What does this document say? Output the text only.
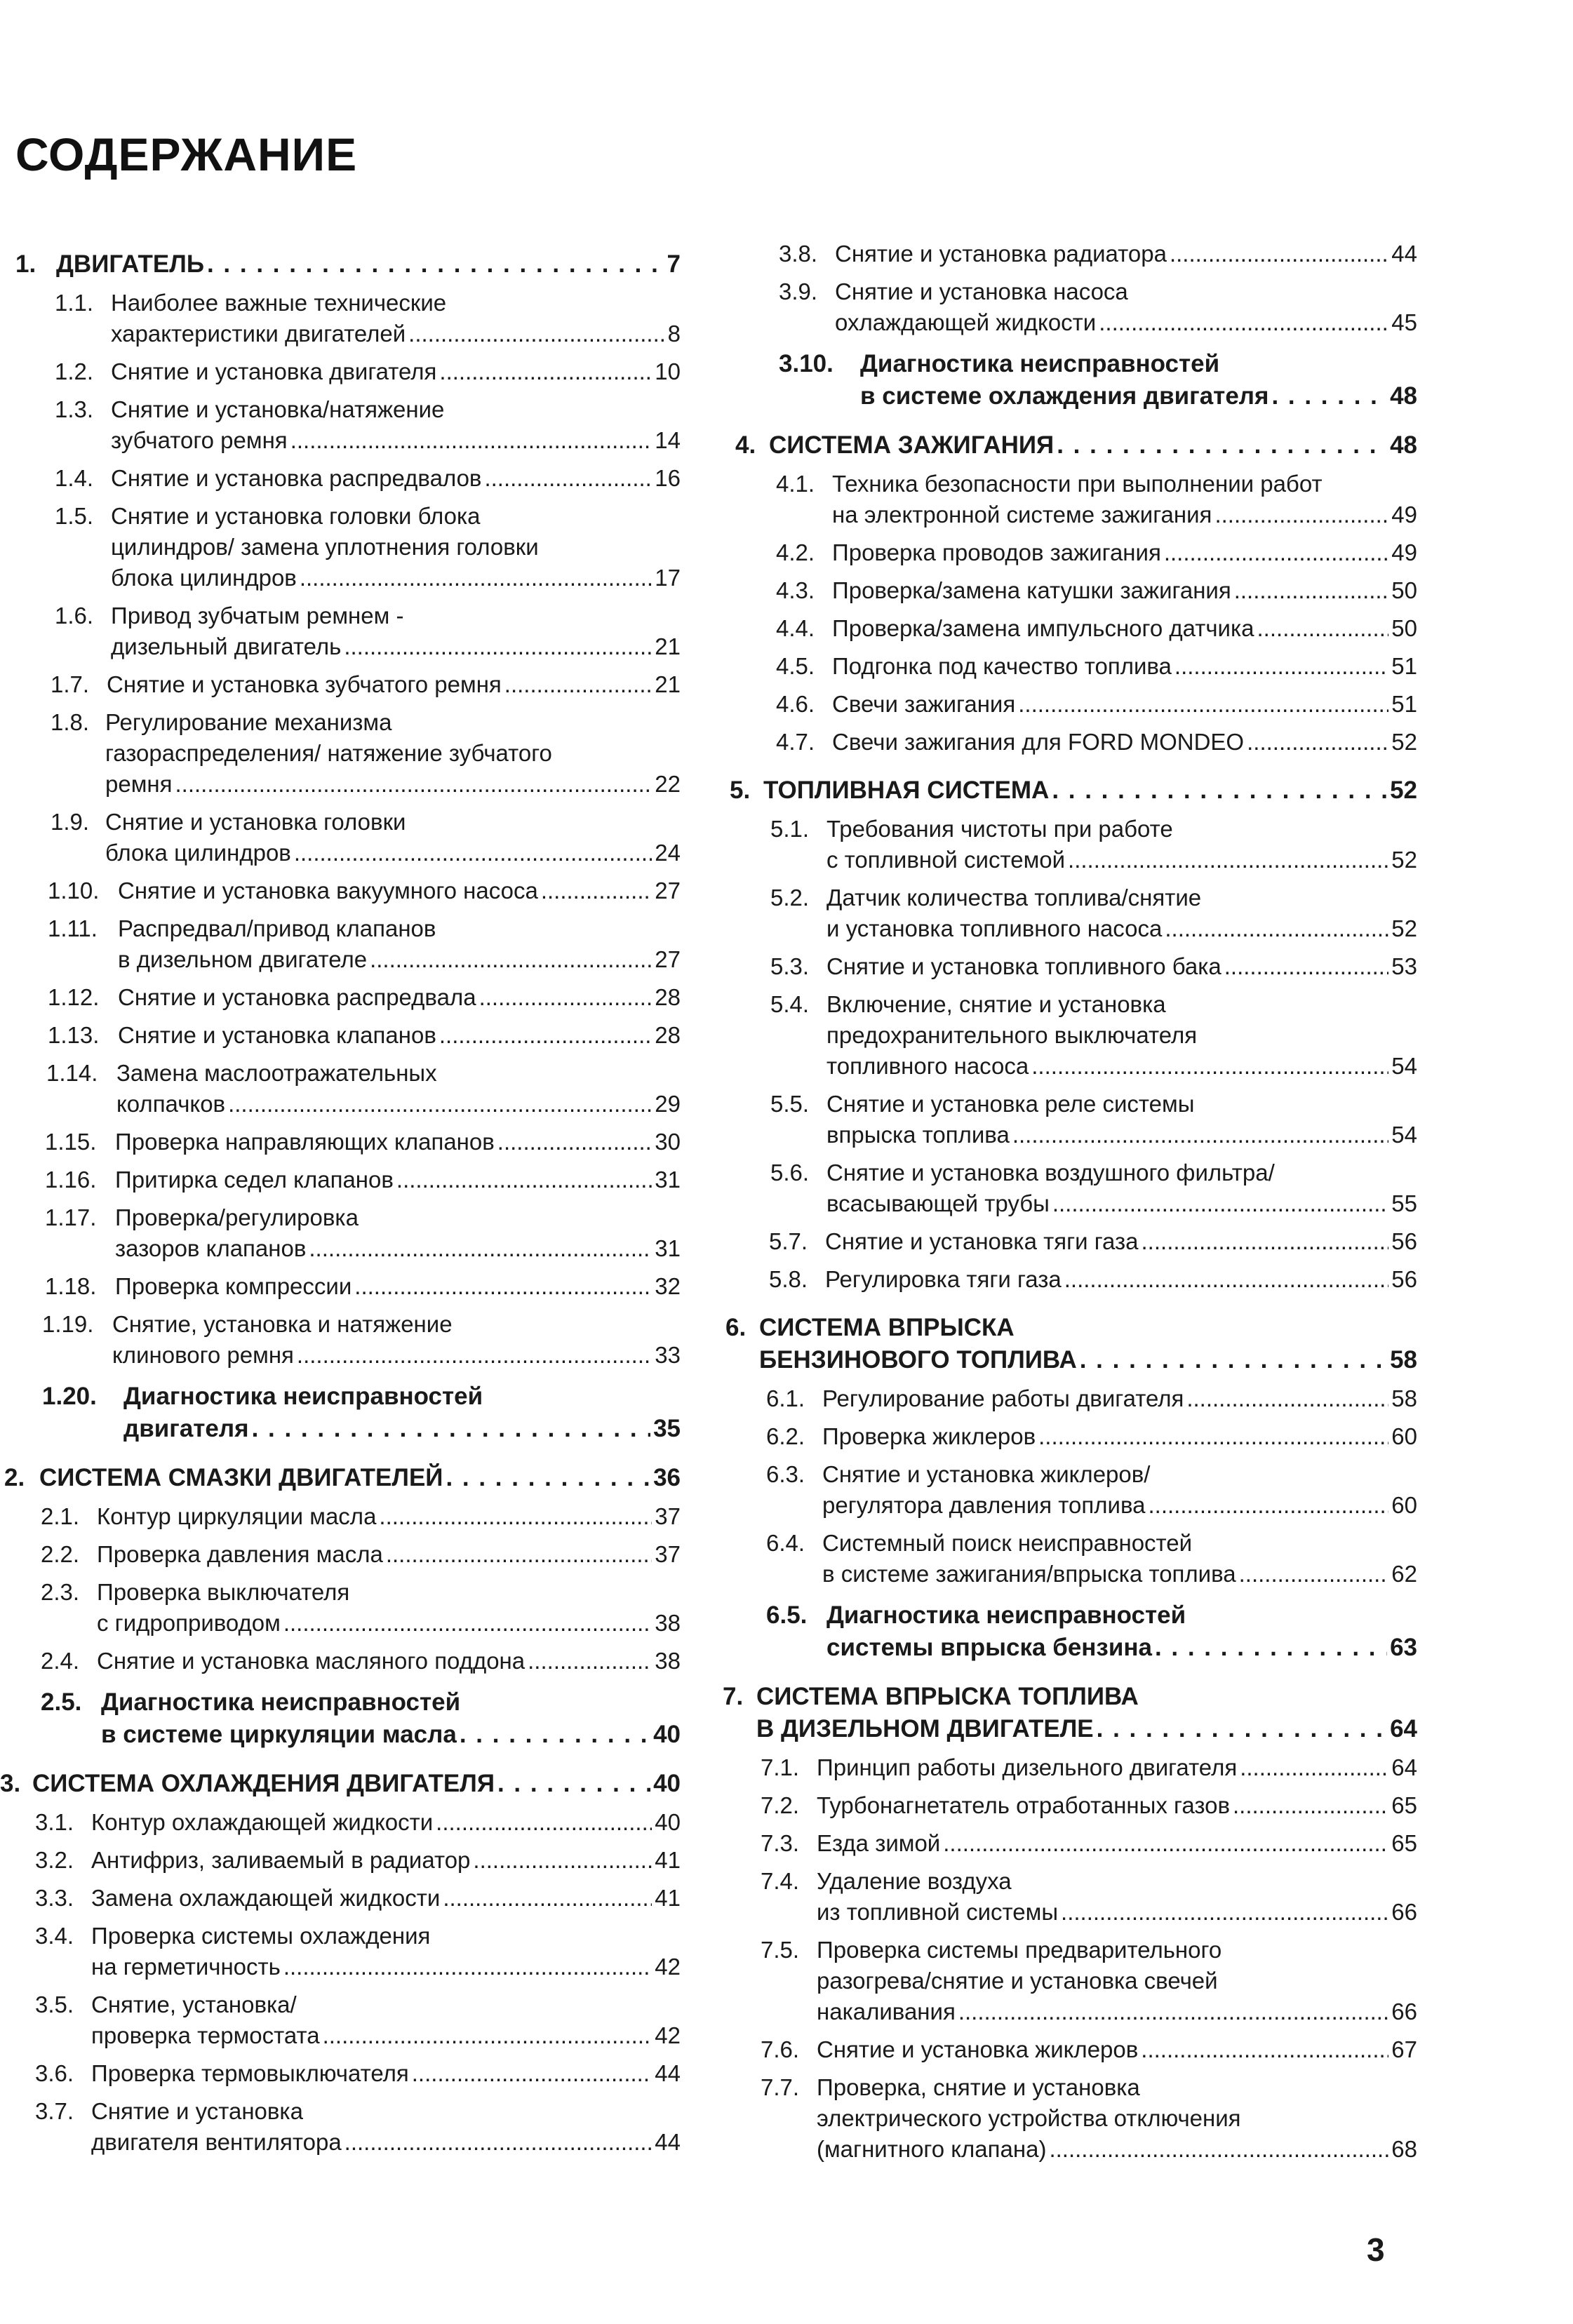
СОДЕРЖАНИЕ
1. ДВИГАТЕЛЬ . . .	7
1.1. Наиболее важные технические
характеристики двигателей .....	8
1.2. Снятие и установка двигателя .....	10
1.3. Снятие и установка/натяжение
зубчатого ремня .....	14
1.4. Снятие и установка распредвалов .....	16
1.5. Снятие и установка головки блока
цилиндров/ замена уплотнения головки
блока цилиндров .....	17
1.6. Привод зубчатым ремнем -
дизельный двигатель .....	21
1.7. Снятие и установка зубчатого ремня .....	21
1.8. Регулирование механизма
газораспределения/ натяжение зубчатого
ремня .....	22
1.9. Снятие и установка головки
блока цилиндров .....	24
1.10. Снятие и установка вакуумного насоса .....	27
1.11. Распредвал/привод клапанов
в дизельном двигателе .....	27
1.12. Снятие и установка распредвала .....	28
1.13. Снятие и установка клапанов .....	28
1.14. Замена маслоотражательных
колпачков .....	29
1.15. Проверка направляющих клапанов .....	30
1.16. Притирка седел клапанов .....	31
1.17. Проверка/регулировка
зазоров клапанов .....	31
1.18. Проверка компрессии .....	32
1.19. Снятие, установка и натяжение
клинового ремня .....	33
1.20. Диагностика неисправностей
двигателя . . .	35
2. СИСТЕМА СМАЗКИ ДВИГАТЕЛЕЙ . . .	36
2.1. Контур циркуляции масла .....	37
2.2. Проверка давления масла .....	37
2.3. Проверка выключателя
с гидроприводом .....	38
2.4. Снятие и установка масляного поддона .....	38
2.5. Диагностика неисправностей
в системе циркуляции масла . . .	40
3. СИСТЕМА ОХЛАЖДЕНИЯ ДВИГАТЕЛЯ . . .	40
3.1. Контур охлаждающей жидкости .....	40
3.2. Антифриз, заливаемый в радиатор .....	41
3.3. Замена охлаждающей жидкости .....	41
3.4. Проверка системы охлаждения
на герметичность .....	42
3.5. Снятие, установка/
проверка термостата .....	42
3.6. Проверка термовыключателя .....	44
3.7. Снятие и установка
двигателя вентилятора .....	44
3.8. Снятие и установка радиатора .....	44
3.9. Снятие и установка насоса
охлаждающей жидкости .....	45
3.10. Диагностика неисправностей
в системе охлаждения двигателя . . .	48
4. СИСТЕМА ЗАЖИГАНИЯ . . .	48
4.1. Техника безопасности при выполнении работ
на электронной системе зажигания .....	49
4.2. Проверка проводов зажигания .....	49
4.3. Проверка/замена катушки зажигания .....	50
4.4. Проверка/замена импульсного датчика .....	50
4.5. Подгонка под качество топлива .....	51
4.6. Свечи зажигания .....	51
4.7. Свечи зажигания для FORD MONDEO .....	52
5. ТОПЛИВНАЯ СИСТЕМА . . .	52
5.1. Требования чистоты при работе
с топливной системой .....	52
5.2. Датчик количества топлива/снятие
и установка топливного насоса .....	52
5.3. Снятие и установка топливного бака .....	53
5.4. Включение, снятие и установка
предохранительного выключателя
топливного насоса .....	54
5.5. Снятие и установка реле системы
впрыска топлива .....	54
5.6. Снятие и установка воздушного фильтра/
всасывающей трубы .....	55
5.7. Снятие и установка тяги газа .....	56
5.8. Регулировка тяги газа .....	56
6. СИСТЕМА ВПРЫСКА
БЕНЗИНОВОГО ТОПЛИВА . . .	58
6.1. Регулирование работы двигателя .....	58
6.2. Проверка жиклеров .....	60
6.3. Снятие и установка жиклеров/
регулятора давления топлива .....	60
6.4. Системный поиск неисправностей
в системе зажигания/впрыска топлива .....	62
6.5. Диагностика неисправностей
системы впрыска бензина . . .	63
7. СИСТЕМА ВПРЫСКА ТОПЛИВА
В ДИЗЕЛЬНОМ ДВИГАТЕЛЕ . . .	64
7.1. Принцип работы дизельного двигателя .....	64
7.2. Турбонагнетатель отработанных газов .....	65
7.3. Езда зимой .....	65
7.4. Удаление воздуха
из топливной системы .....	66
7.5. Проверка системы предварительного
разогрева/снятие и установка свечей
накаливания .....	66
7.6. Снятие и установка жиклеров .....	67
7.7. Проверка, снятие и установка
электрического устройства отключения
(магнитного клапана) .....	68
3
